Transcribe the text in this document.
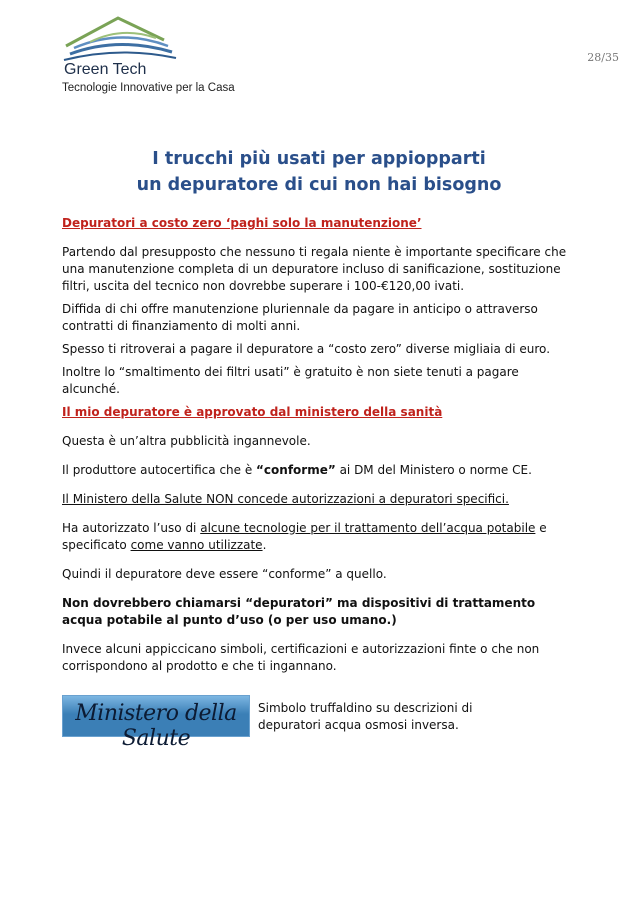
Green Tech
Tecnologie Innovative per la Casa
28/35
I trucchi più usati per appiopparti
un depuratore di cui non hai bisogno

Depuratori a costo zero ‘paghi solo la manutenzione’

Partendo dal presupposto che nessuno ti regala niente è importante specificare che una manutenzione completa di un depuratore incluso di sanificazione, sostituzione filtri, uscita del tecnico non dovrebbe superare i 100-€120,00 ivati.

Diffida di chi offre manutenzione pluriennale da pagare in anticipo o attraverso contratti di finanziamento di molti anni.

Spesso ti ritroverai a pagare il depuratore a “costo zero” diverse migliaia di euro.

Inoltre lo “smaltimento dei filtri usati” è gratuito è non siete tenuti a pagare alcunché.

Il mio depuratore è approvato dal ministero della sanità

Questa è un’altra pubblicità ingannevole.

Il produttore autocertifica che è “conforme” ai DM del Ministero o norme CE.

Il Ministero della Salute NON concede autorizzazioni a depuratori specifici.

Ha autorizzato l’uso di alcune tecnologie per il trattamento dell’acqua potabile e specificato come vanno utilizzate.

Quindi il depuratore deve essere “conforme” a quello.

Non dovrebbero chiamarsi “depuratori” ma dispositivi di trattamento acqua potabile al punto d’uso (o per uso umano.)

Invece alcuni appiccicano simboli, certificazioni e autorizzazioni finte o che non corrispondono al prodotto e che ti ingannano.

Ministero della Salute
Simbolo truffaldino su descrizioni di depuratori acqua osmosi inversa.
